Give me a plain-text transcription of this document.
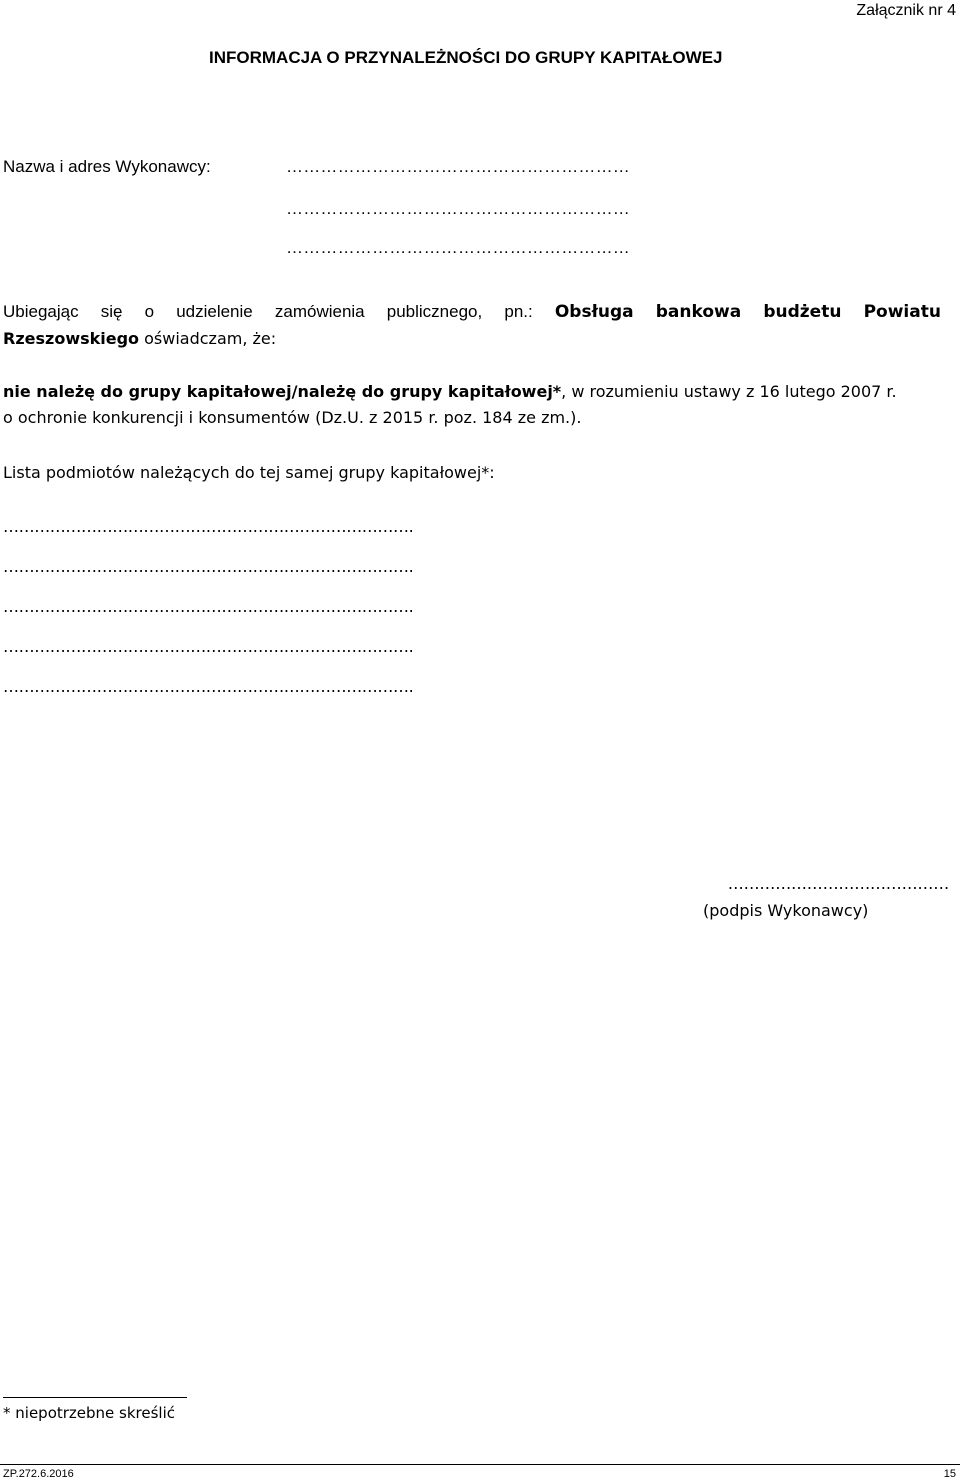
Załącznik nr 4
INFORMACJA O PRZYNALEŻNOŚCI DO GRUPY KAPITAŁOWEJ
Nazwa i adres Wykonawcy:	……………………………………………………
……………………………………………………
……………………………………………………
Ubiegając się o udzielenie zamówienia publicznego, pn.: Obsługa bankowa budżetu Powiatu
Rzeszowskiego oświadczam, że:
nie należę do grupy kapitałowej/należę do grupy kapitałowej*, w rozumieniu ustawy z 16 lutego 2007 r.
o ochronie konkurencji i konsumentów (Dz.U. z 2015 r. poz. 184 ze zm.).
Lista podmiotów należących do tej samej grupy kapitałowej*:
…………………………………………………………………….
…………………………………………………………………….
…………………………………………………………………….
…………………………………………………………………….
…………………………………………………………………….
……………………………………
(podpis Wykonawcy)
* niepotrzebne skreślić
ZP.272.6.2016	15
